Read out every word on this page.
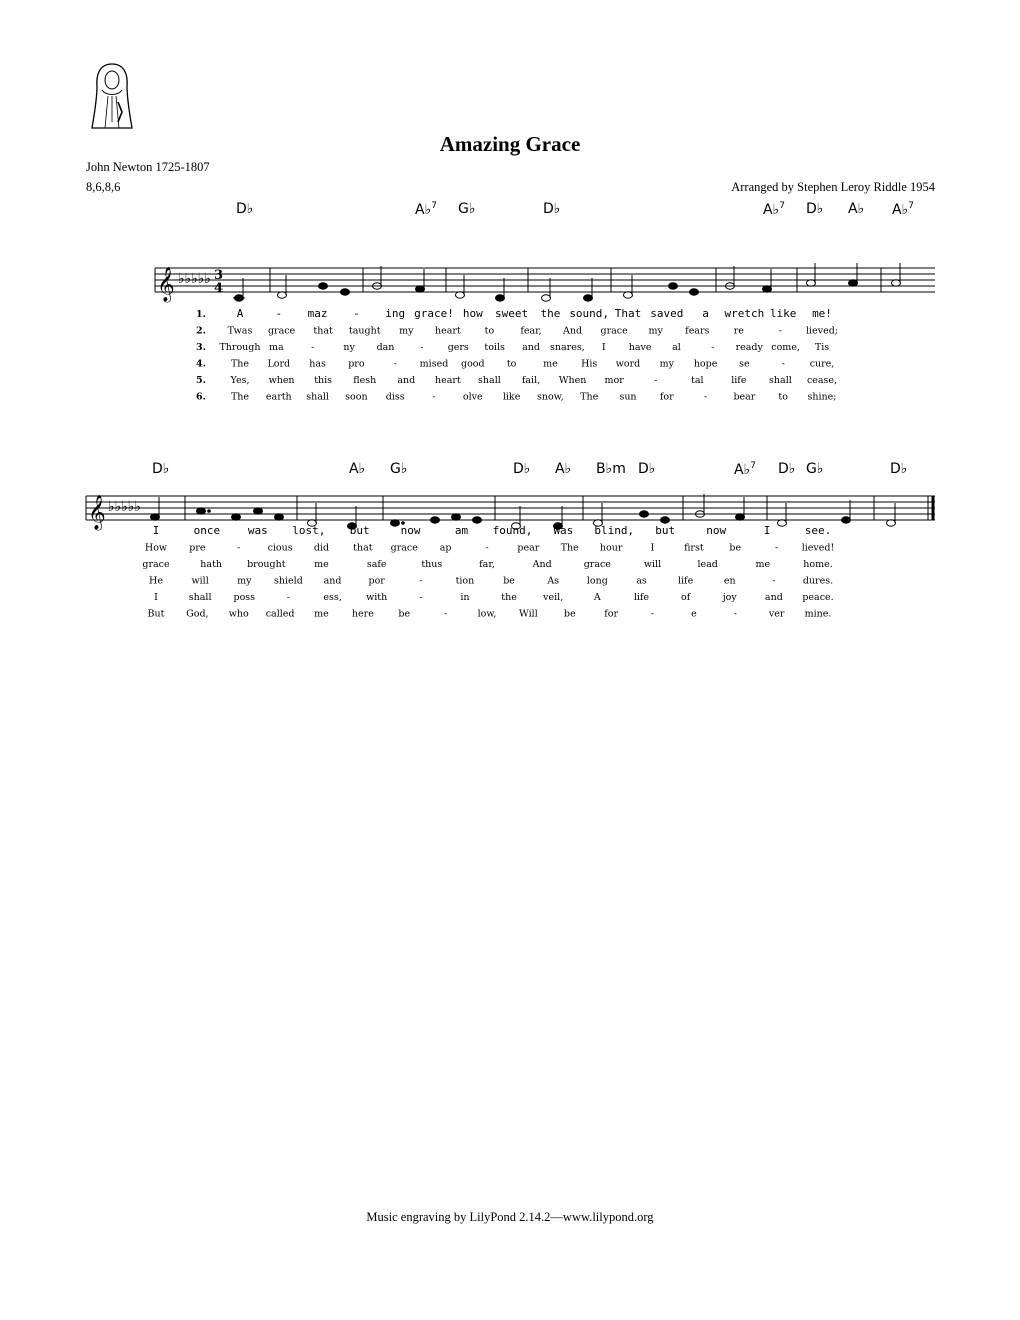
Amazing Grace
John Newton 1725-1807
8,6,8,6	Arranged by Stephen Leroy Riddle 1954
D♭	A♭$^7$ G♭	D♭	A♭$^7$ D♭ A♭ A♭$^7$
D♭	A♭ G♭	D♭ A♭ B♭m D♭	A♭$^7$ D♭ G♭	D♭
𝄞 ♭♭♭♭♭ 3
4
𝄞 ♭♭♭♭♭
1.	A	- maz - ing grace! how sweet the sound, That saved a wretch like me!
2. Twas grace that taught my heart	to	fear, And grace my fears	re	-	lieved;
3. Through ma	-	ny dan	-	gers toils and snares, I have al	- ready come, Tis
4.	The Lord has pro	- mised good to	me His word my hope se	-	cure,
5.	Yes, when this flesh and heart shall fail, When mor	-	tal	life shall cease,
6.	The earth shall soon diss	-	olve like snow, The sun for	-	bear to shine;
I	once	was lost, but	now	am found, Was blind, but	now	I	see.
How pre	-	cious did	that grace ap	-	pear The hour	I	first	be	- lieved!
grace	hath	brought	me	safe	thus	far,	And	grace	will	lead	me	home.
He	will	my shield and	por	-	tion	be	As	long	as	life	en	-	dures.
I	shall poss	-	ess,	with	-	in	the	veil,	A	life	of	joy	and peace.
But God, who called me here	be	-	low, Will	be	for	-	e	-	ver mine.
Music engraving by LilyPond 2.14.2—www.lilypond.org
